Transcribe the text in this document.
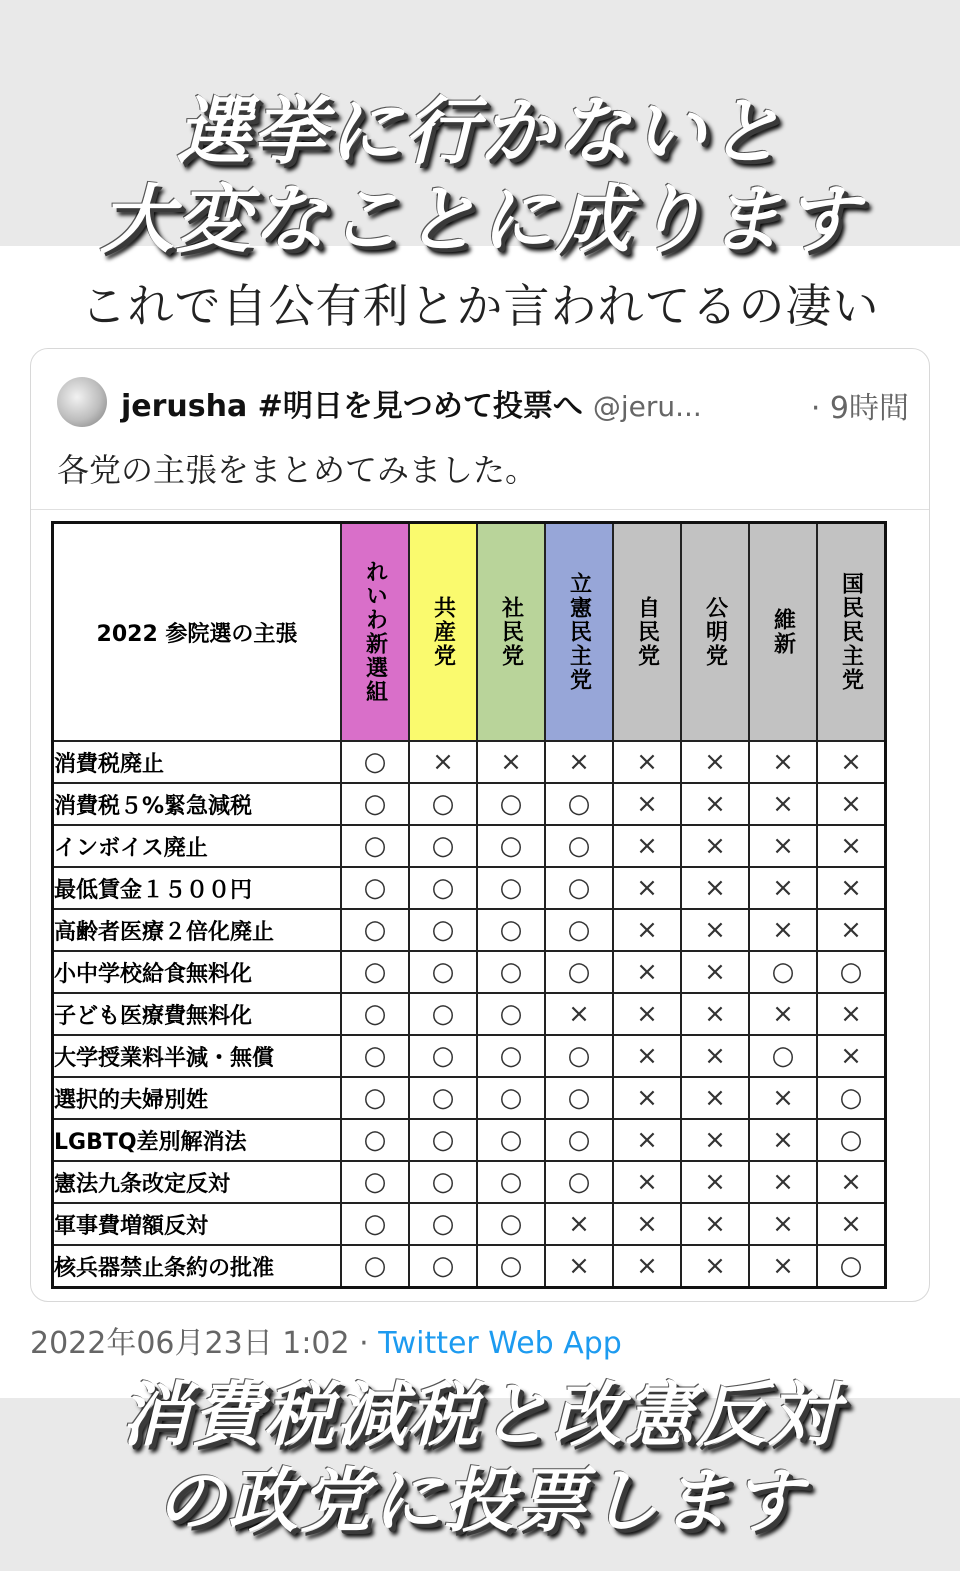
選挙に行かないと
大変なことに成ります
これで自公有利とか言われてるの凄い
jerusha #明日を見つめて投票へ @jeru...	· 9時間
各党の主張をまとめてみました。
2022 参院選の主張	れいわ新選組	共産党	社民党	立憲民主党	自民党	公明党	維新	国民民主党

消費税廃止	○	×	×	×	×	×	×	×
消費税５%緊急減税	○	○	○	○	×	×	×	×
インボイス廃止	○	○	○	○	×	×	×	×
最低賃金１５００円	○	○	○	○	×	×	×	×
高齢者医療２倍化廃止	○	○	○	○	×	×	×	×
小中学校給食無料化	○	○	○	○	×	×	○	○
子ども医療費無料化	○	○	○	×	×	×	×	×
大学授業料半減・無償	○	○	○	○	×	×	○	×
選択的夫婦別姓	○	○	○	○	×	×	×	○
LGBTQ差別解消法	○	○	○	○	×	×	×	○
憲法九条改定反対	○	○	○	○	×	×	×	×
軍事費増額反対	○	○	○	×	×	×	×	×
核兵器禁止条約の批准	○	○	○	×	×	×	×	○
2022年06月23日 1:02 · Twitter Web App
消費税減税と改憲反対
の政党に投票します
